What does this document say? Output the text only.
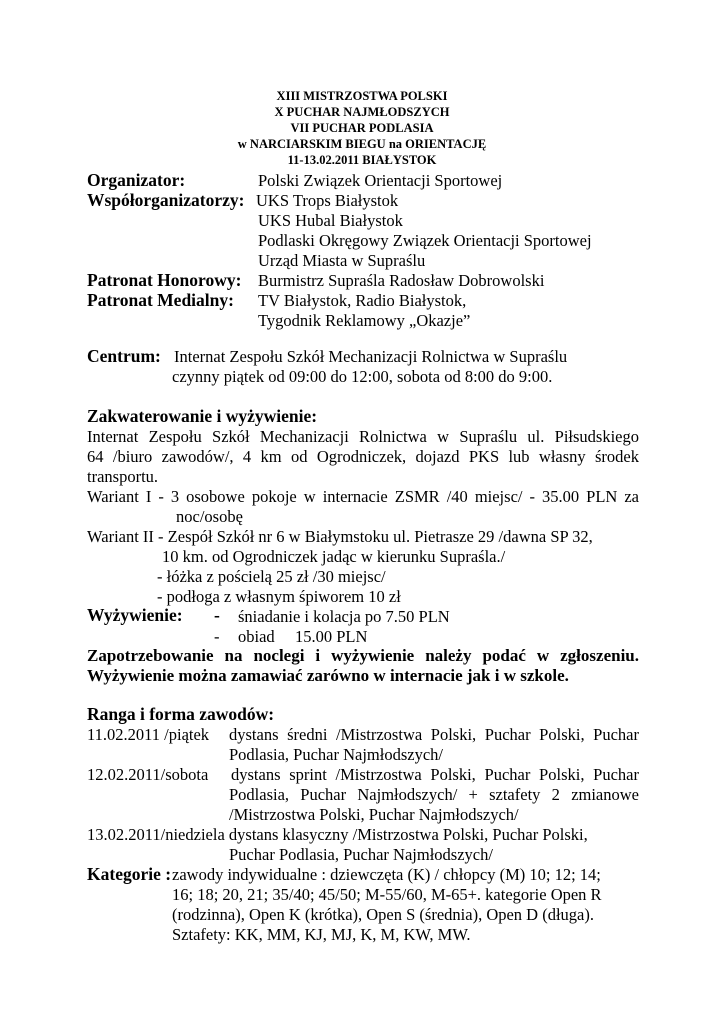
XIII MISTRZOSTWA POLSKI
X PUCHAR NAJMŁODSZYCH
VII PUCHAR PODLASIA
w NARCIARSKIM BIEGU na ORIENTACJĘ
11-13.02.2011 BIAŁYSTOK
Organizator:	Polski Związek Orientacji Sportowej
Współorganizatorzy: UKS Trops Białystok
UKS Hubal Białystok
Podlaski Okręgowy Związek Orientacji Sportowej
Urząd Miasta w Supraślu
Patronat Honorowy: Burmistrz Supraśla Radosław Dobrowolski
Patronat Medialny: TV Białystok, Radio Białystok,
Tygodnik Reklamowy „Okazje”
Centrum: Internat Zespołu Szkół Mechanizacji Rolnictwa w Supraślu
czynny piątek od 09:00 do 12:00, sobota od 8:00 do 9:00.
Zakwaterowanie i wyżywienie:
Internat Zespołu Szkół Mechanizacji Rolnictwa w Supraślu ul. Piłsudskiego
64 /biuro zawodów/, 4 km od Ogrodniczek, dojazd PKS lub własny środek
transportu.
Wariant I - 3 osobowe pokoje w internacie ZSMR /40 miejsc/ - 35.00 PLN za
noc/osobę
Wariant II - Zespół Szkół nr 6 w Białymstoku ul. Pietrasze 29 /dawna SP 32,
10 km. od Ogrodniczek jadąc w kierunku Supraśla./
- łóżka z pościelą 25 zł /30 miejsc/
- podłoga z własnym śpiworem 10 zł
Wyżywienie: - śniadanie i kolacja po 7.50 PLN
- obiad 15.00 PLN
Zapotrzebowanie na noclegi i wyżywienie należy podać w zgłoszeniu.
Wyżywienie można zamawiać zarówno w internacie jak i w szkole.
Ranga i forma zawodów:
11.02.2011 /piątek dystans średni /Mistrzostwa Polski, Puchar Polski, Puchar
Podlasia, Puchar Najmłodszych/
12.02.2011/sobota dystans sprint /Mistrzostwa Polski, Puchar Polski, Puchar
Podlasia, Puchar Najmłodszych/ + sztafety 2 zmianowe
/Mistrzostwa Polski, Puchar Najmłodszych/
13.02.2011/niedziela dystans klasyczny /Mistrzostwa Polski, Puchar Polski,
Puchar Podlasia, Puchar Najmłodszych/
Kategorie : zawody indywidualne : dziewczęta (K) / chłopcy (M) 10; 12; 14;
16; 18; 20, 21; 35/40; 45/50; M-55/60, M-65+. kategorie Open R
(rodzinna), Open K (krótka), Open S (średnia), Open D (długa).
Sztafety: KK, MM, KJ, MJ, K, M, KW, MW.
